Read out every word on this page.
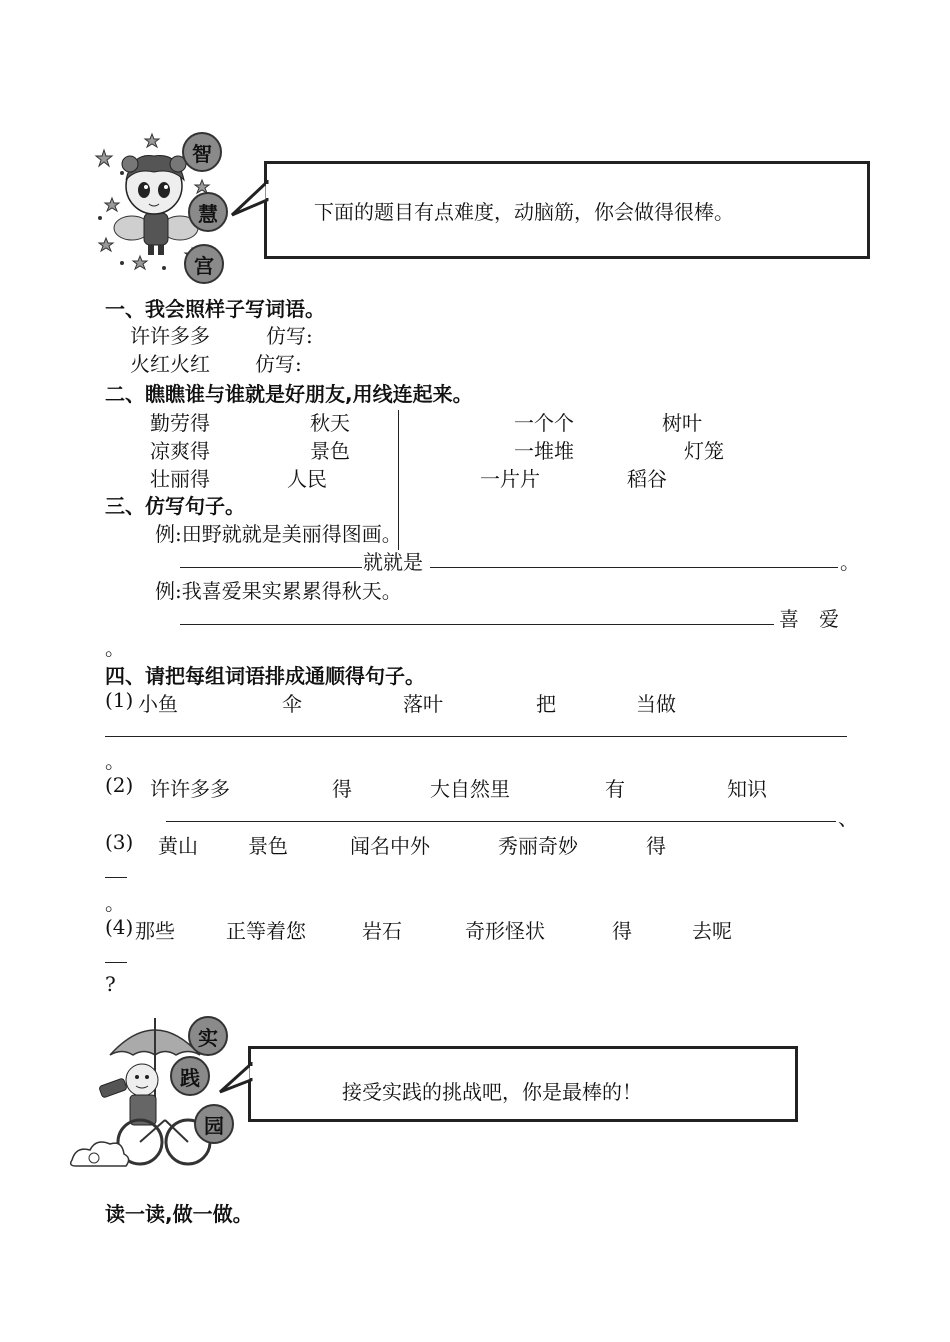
智
慧
宫
下面的题目有点难度，动脑筋，你会做得很棒。
一、我会照样子写词语。
许许多多	仿写:
火红火红 仿写:
二、瞧瞧谁与谁就是好朋友,用线连起来。
勤劳得	秋天
凉爽得	景色
壮丽得	人民
一个个	树叶
一堆堆	灯笼
一片片	稻谷
三、仿写句子。
例:田野就就是美丽得图画。
就就是	。
例:我喜爱果实累累得秋天。
喜　爱
。
四、请把每组词语排成通顺得句子。
(1) 小鱼	伞	落叶	把	当做
。
(2) 许许多多	得	大自然里	有	知识
、
(3) 黄山	景色	闻名中外	秀丽奇妙	得
。
(4) 那些	正等着您	岩石	奇形怪状	得	去呢
?
实
践
园
接受实践的挑战吧，你是最棒的！
读一读,做一做。
